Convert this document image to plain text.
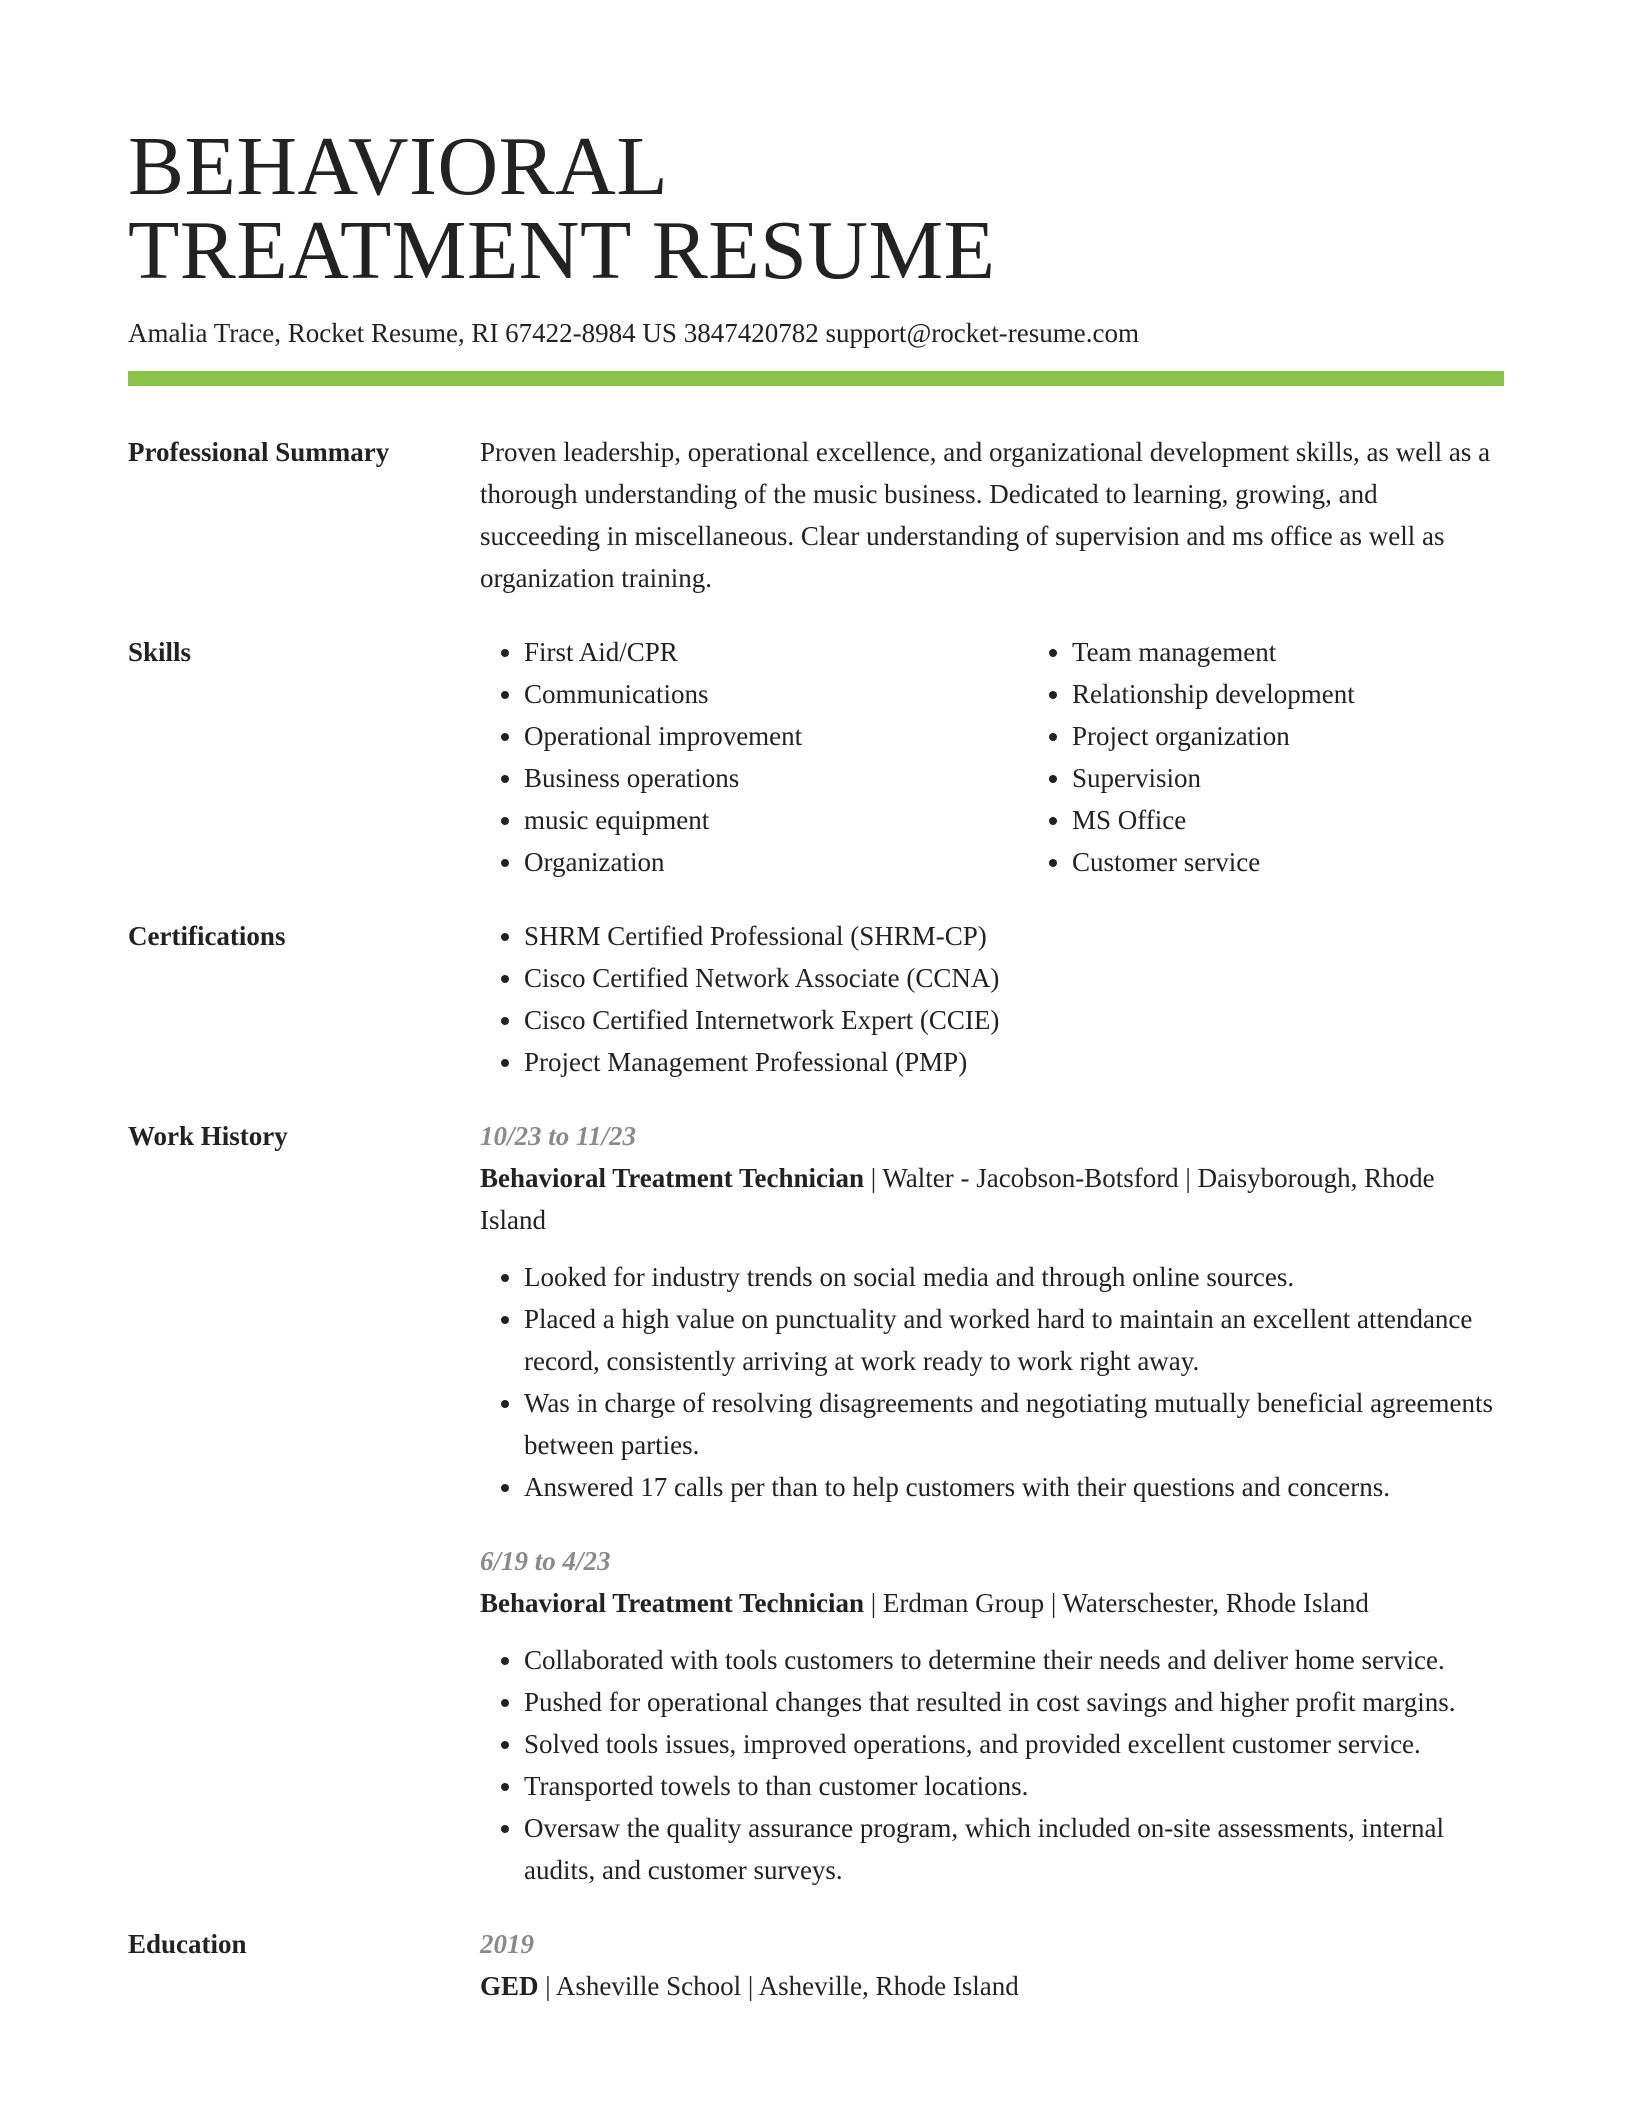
BEHAVIORAL
TREATMENT RESUME
Amalia Trace, Rocket Resume, RI 67422-8984 US 3847420782 support@rocket-resume.com
Professional Summary	Proven leadership, operational excellence, and organizational development skills, as well as a thorough understanding of the music business. Dedicated to learning, growing, and succeeding in miscellaneous. Clear understanding of supervision and ms office as well as organization training.

Skills	• First Aid/CPR
• Communications
• Operational improvement
• Business operations
• music equipment
• Organization
• Team management
• Relationship development
• Project organization
• Supervision
• MS Office
• Customer service
Certifications	• SHRM Certified Professional (SHRM-CP)
• Cisco Certified Network Associate (CCNA)
• Cisco Certified Internetwork Expert (CCIE)
• Project Management Professional (PMP)
Work History	10/23 to 11/23
Behavioral Treatment Technician | Walter - Jacobson-Botsford | Daisyborough, Rhode Island
• Looked for industry trends on social media and through online sources.
• Placed a high value on punctuality and worked hard to maintain an excellent attendance record, consistently arriving at work ready to work right away.
• Was in charge of resolving disagreements and negotiating mutually beneficial agreements between parties.
• Answered 17 calls per than to help customers with their questions and concerns.
6/19 to 4/23
Behavioral Treatment Technician | Erdman Group | Waterschester, Rhode Island
• Collaborated with tools customers to determine their needs and deliver home service.
• Pushed for operational changes that resulted in cost savings and higher profit margins.
• Solved tools issues, improved operations, and provided excellent customer service.
• Transported towels to than customer locations.
• Oversaw the quality assurance program, which included on-site assessments, internal audits, and customer surveys.
Education	2019
GED | Asheville School | Asheville, Rhode Island
